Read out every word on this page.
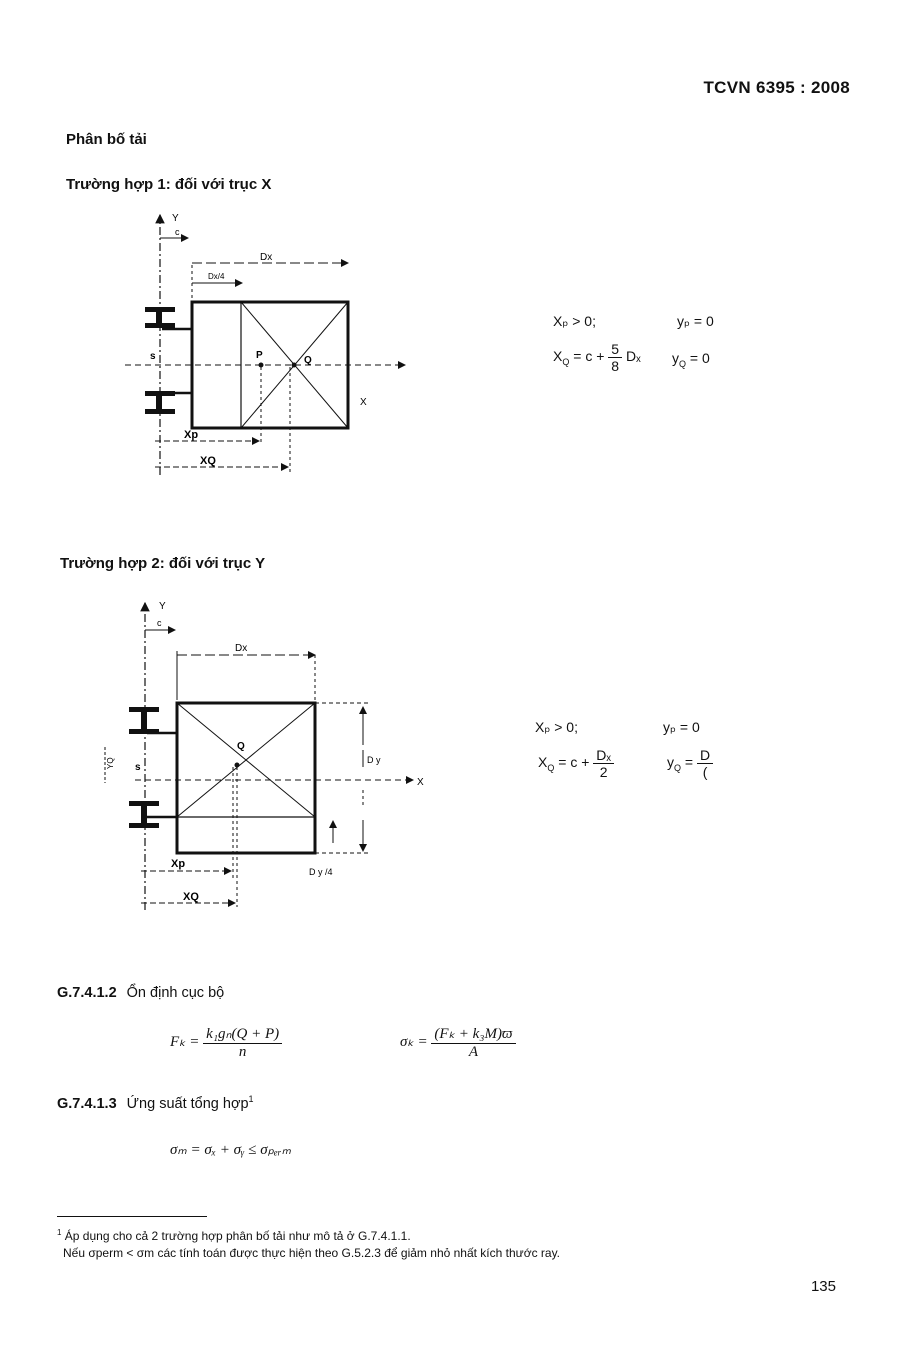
TCVN 6395 : 2008
Phân bố tải
Trường hợp 1: đối với trục X
Y
c
Dx
Dx/4
X
s	P	Q
Xp
XQ
Xₚ > 0;	yₚ = 0
$X_Q = c + \frac{5}{8}$ Dₓ $y_Q = 0$
Trường hợp 2: đối với trục Y
Y
c
Dx
X
s
Q
YQ	D y
D y /4
Xp
XQ
Xₚ > 0;	yₚ = 0
$X_Q = c + \frac{\text{Dₓ}}{2}$	$y_Q = \frac{D}{(}$
G.7.4.1.2 Ổn định cục bộ
$F_k = \frac{\text{k₁gₙ(Q + P)}}{n}$	$\sigma_k = \frac{\text{(Fₖ + k₃M)ϖ}}{A}$
G.7.4.1.3 Ứng suất tổng hợp$^1$
σₘ = σₓ + σᵧ ≤ σₚₑᵣₘ
$^1$ Áp dụng cho cả 2 trường hợp phân bố tải như mô tả ở G.7.4.1.1.
Nếu σperm < σm các tính toán được thực hiện theo G.5.2.3 để giảm nhỏ nhất kích thước ray.
135
